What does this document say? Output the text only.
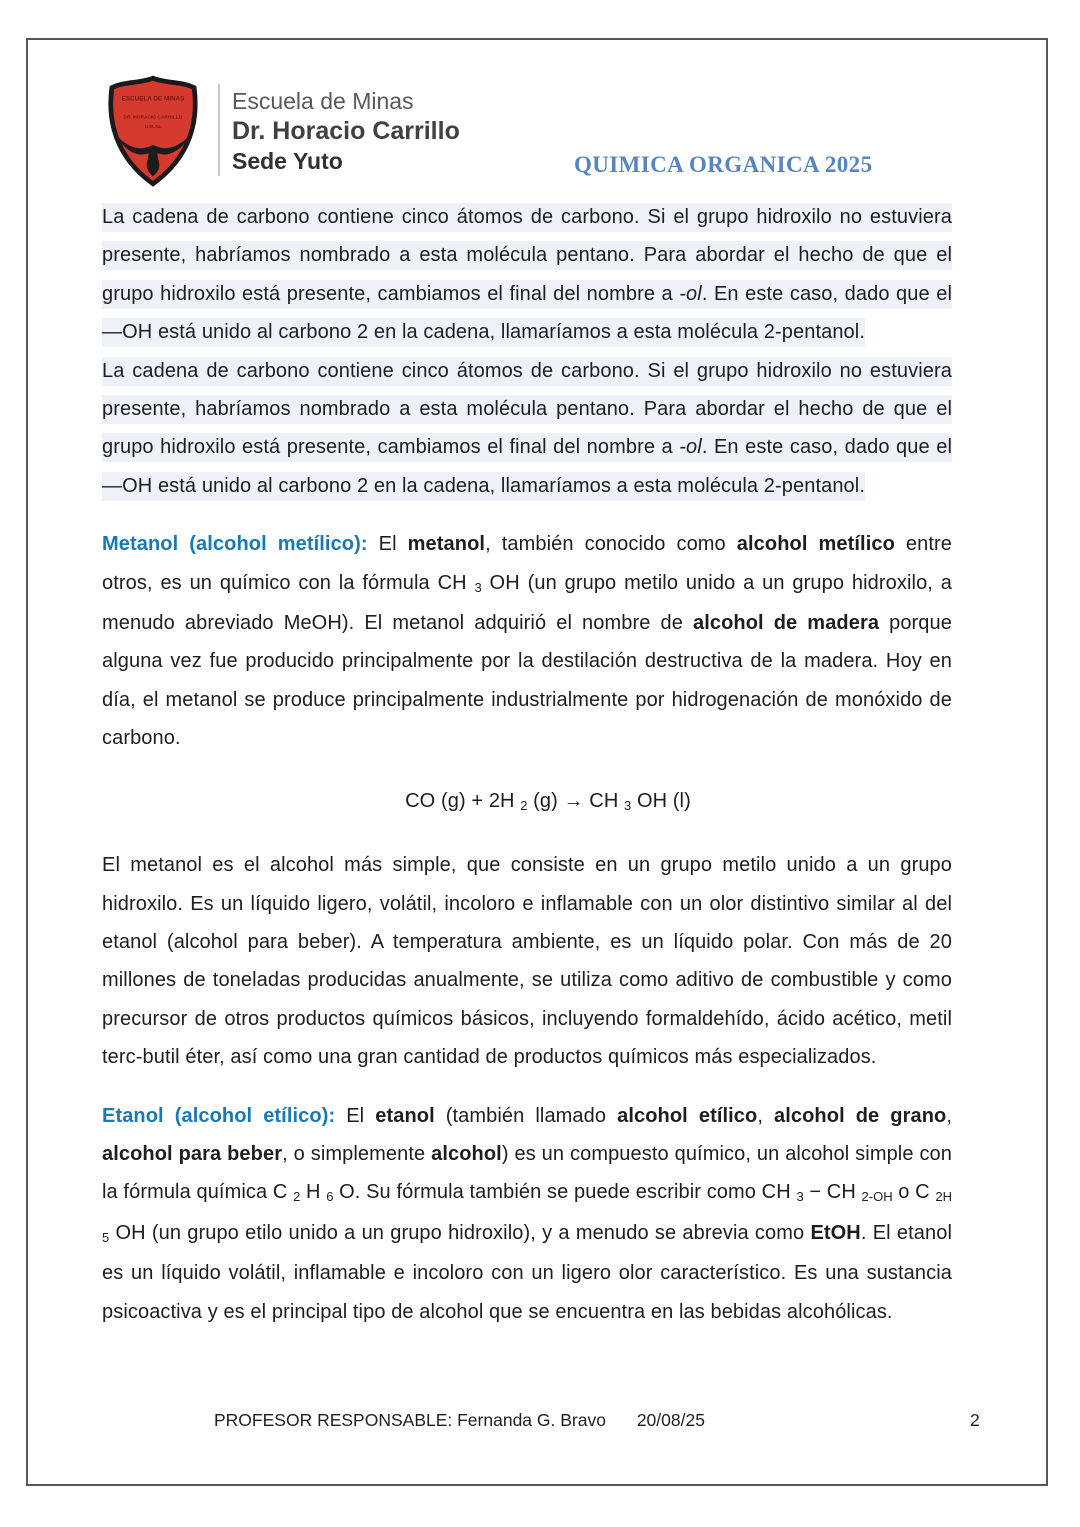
ESCUELA DE MINAS
DR. HORACIO CARRILLO
U.N.Ju.
Escuela de Minas
Dr. Horacio Carrillo
Sede Yuto	QUIMICA ORGANICA 2025

La cadena de carbono contiene cinco átomos de carbono. Si el grupo hidroxilo no estuviera presente, habríamos nombrado a esta molécula pentano. Para abordar el hecho de que el grupo hidroxilo está presente, cambiamos el final del nombre a -ol. En este caso, dado que el —OH está unido al carbono 2 en la cadena, llamaríamos a esta molécula 2-pentanol.

La cadena de carbono contiene cinco átomos de carbono. Si el grupo hidroxilo no estuviera presente, habríamos nombrado a esta molécula pentano. Para abordar el hecho de que el grupo hidroxilo está presente, cambiamos el final del nombre a -ol. En este caso, dado que el —OH está unido al carbono 2 en la cadena, llamaríamos a esta molécula 2-pentanol.

Metanol (alcohol metílico): El metanol, también conocido como alcohol metílico entre otros, es un químico con la fórmula CH 3 OH (un grupo metilo unido a un grupo hidroxilo, a menudo abreviado MeOH). El metanol adquirió el nombre de alcohol de madera porque alguna vez fue producido principalmente por la destilación destructiva de la madera. Hoy en día, el metanol se produce principalmente industrialmente por hidrogenación de monóxido de carbono.

CO (g) + 2H 2 (g) → CH 3 OH (l)

El metanol es el alcohol más simple, que consiste en un grupo metilo unido a un grupo hidroxilo. Es un líquido ligero, volátil, incoloro e inflamable con un olor distintivo similar al del etanol (alcohol para beber). A temperatura ambiente, es un líquido polar. Con más de 20 millones de toneladas producidas anualmente, se utiliza como aditivo de combustible y como precursor de otros productos químicos básicos, incluyendo formaldehído, ácido acético, metil terc-butil éter, así como una gran cantidad de productos químicos más especializados.

Etanol (alcohol etílico): El etanol (también llamado alcohol etílico, alcohol de grano, alcohol para beber, o simplemente alcohol) es un compuesto químico, un alcohol simple con la fórmula química C 2 H 6 O. Su fórmula también se puede escribir como CH 3 − CH 2-OH o C 2H 5 OH (un grupo etilo unido a un grupo hidroxilo), y a menudo se abrevia como EtOH. El etanol es un líquido volátil, inflamable e incoloro con un ligero olor característico. Es una sustancia psicoactiva y es el principal tipo de alcohol que se encuentra en las bebidas alcohólicas.

PROFESOR RESPONSABLE: Fernanda G. Bravo 20/08/25	2
